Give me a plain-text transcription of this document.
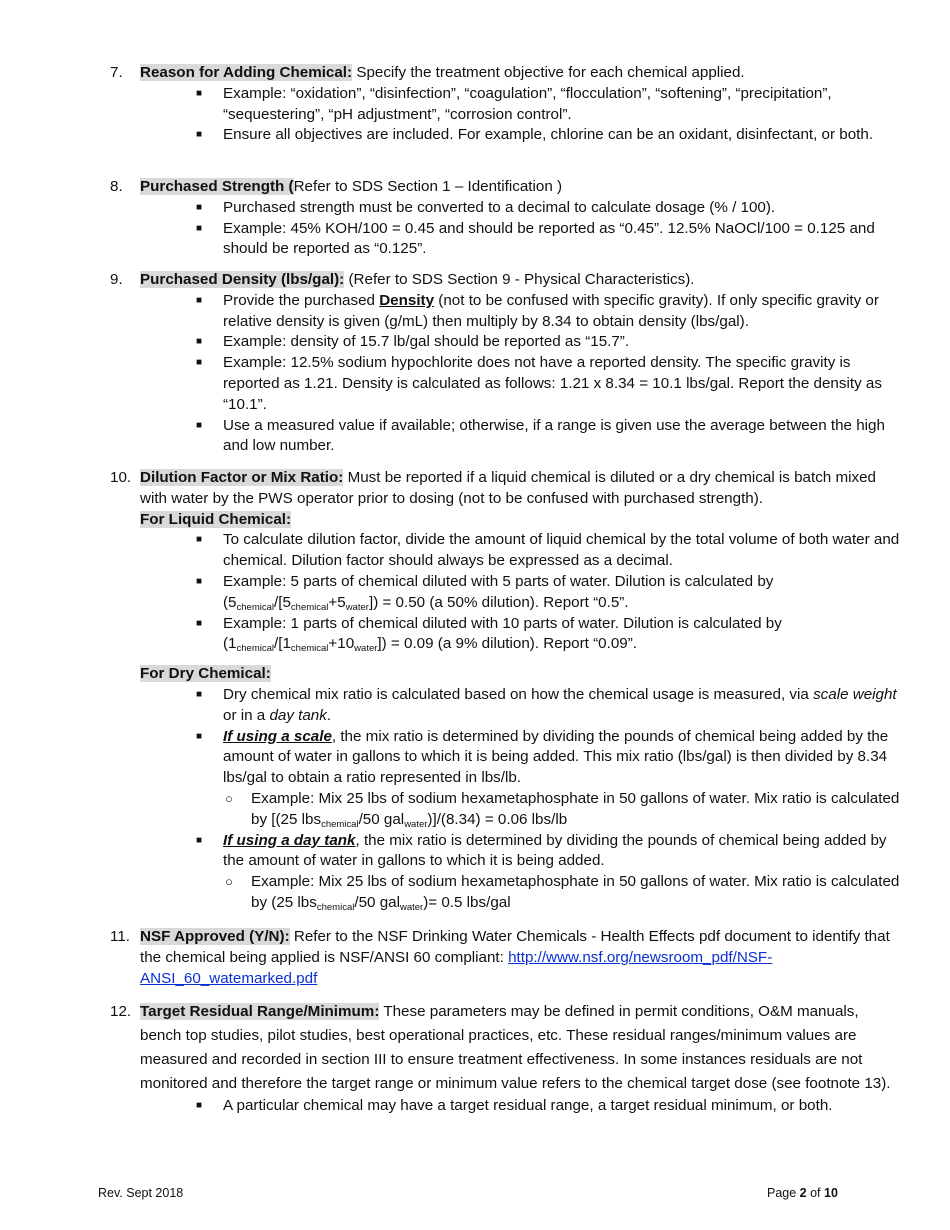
7.	Reason for Adding Chemical: Specify the treatment objective for each chemical applied.
■ Example: “oxidation”, “disinfection”, “coagulation”, “flocculation”, “softening”, “precipitation”, “sequestering”, “pH adjustment”, “corrosion control”.
■ Ensure all objectives are included. For example, chlorine can be an oxidant, disinfectant, or both.
8.	Purchased Strength (Refer to SDS Section 1 – Identification )
■ Purchased strength must be converted to a decimal to calculate dosage (% / 100).
■ Example: 45% KOH/100 = 0.45 and should be reported as “0.45”. 12.5% NaOCl/100 = 0.125 and should be reported as “0.125”.
9.	Purchased Density (lbs/gal): (Refer to SDS Section 9 - Physical Characteristics).
■ Provide the purchased Density (not to be confused with specific gravity). If only specific gravity or relative density is given (g/mL) then multiply by 8.34 to obtain density (lbs/gal).
■ Example: density of 15.7 lb/gal should be reported as “15.7”.
■ Example: 12.5% sodium hypochlorite does not have a reported density. The specific gravity is reported as 1.21. Density is calculated as follows: 1.21 x 8.34 = 10.1 lbs/gal. Report the density as “10.1”.
■ Use a measured value if available; otherwise, if a range is given use the average between the high and low number.
10. Dilution Factor or Mix Ratio: Must be reported if a liquid chemical is diluted or a dry chemical is batch mixed with water by the PWS operator prior to dosing (not to be confused with purchased strength).
For Liquid Chemical:
■ To calculate dilution factor, divide the amount of liquid chemical by the total volume of both water and chemical. Dilution factor should always be expressed as a decimal.
■ Example: 5 parts of chemical diluted with 5 parts of water. Dilution is calculated by $(5_{chemical}/[5_{chemical}+5_{water}]) = 0.50$ (a 50% dilution). Report “0.5”.
■ Example: 1 parts of chemical diluted with 10 parts of water. Dilution is calculated by $(1_{chemical}/[1_{chemical}+10_{water}]) = 0.09$ (a 9% dilution). Report “0.09”.
For Dry Chemical:
■ Dry chemical mix ratio is calculated based on how the chemical usage is measured, via scale weight or in a day tank.
■ If using a scale, the mix ratio is determined by dividing the pounds of chemical being added by the amount of water in gallons to which it is being added. This mix ratio (lbs/gal) is then divided by 8.34 lbs/gal to obtain a ratio represented in lbs/lb.
○ Example: Mix 25 lbs of sodium hexametaphosphate in 50 gallons of water. Mix ratio is calculated by [(25 lbs$_{chemical}$/50 gal$_{water}$)]/(8.34) = 0.06 lbs/lb
■ If using a day tank, the mix ratio is determined by dividing the pounds of chemical being added by the amount of water in gallons to which it is being added.
○ Example: Mix 25 lbs of sodium hexametaphosphate in 50 gallons of water. Mix ratio is calculated by (25 lbs$_{chemical}$/50 gal$_{water}$)= 0.5 lbs/gal
11. NSF Approved (Y/N): Refer to the NSF Drinking Water Chemicals - Health Effects pdf document to identify that the chemical being applied is NSF/ANSI 60 compliant: http://www.nsf.org/newsroom_pdf/NSF-ANSI_60_watemarked.pdf
12. Target Residual Range/Minimum: These parameters may be defined in permit conditions, O&M manuals, bench top studies, pilot studies, best operational practices, etc. These residual ranges/minimum values are measured and recorded in section III to ensure treatment effectiveness. In some instances residuals are not monitored and therefore the target range or minimum value refers to the chemical target dose (see footnote 13).
■ A particular chemical may have a target residual range, a target residual minimum, or both.
Rev. Sept 2018	Page 2 of 10
